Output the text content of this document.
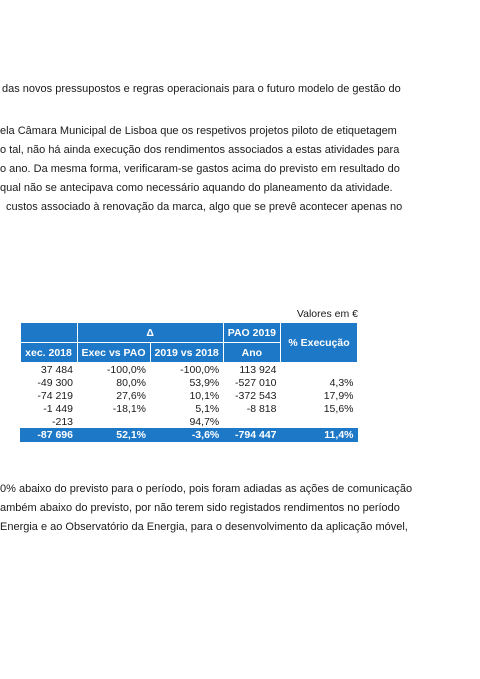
das novos pressupostos e regras operacionais para o futuro modelo de gestão do
ela Câmara Municipal de Lisboa que os respetivos projetos piloto de etiquetagem
o tal, não há ainda execução dos rendimentos associados a estas atividades para
o ano. Da mesma forma, verificaram-se gastos acima do previsto em resultado do
qual não se antecipava como necessário aquando do planeamento da atividade.
custos associado à renovação da marca, algo que se prevê acontecer apenas no
Valores em €
	Δ		PAO 2019	% Execução
xec. 2018	Exec vs PAO	2019 vs 2018	Ano	
37 484	-100,0%	-100,0%	113 924	
-49 300	80,0%	53,9%	-527 010	4,3%
-74 219	27,6%	10,1%	-372 543	17,9%
-1 449	-18,1%	5,1%	-8 818	15,6%
-213		94,7%		
-87 696	52,1%	-3,6%	-794 447	11,4%
0% abaixo do previsto para o período, pois foram adiadas as ações de comunicação
ambém abaixo do previsto, por não terem sido registados rendimentos no período
Energia e ao Observatório da Energia, para o desenvolvimento da aplicação móvel,
